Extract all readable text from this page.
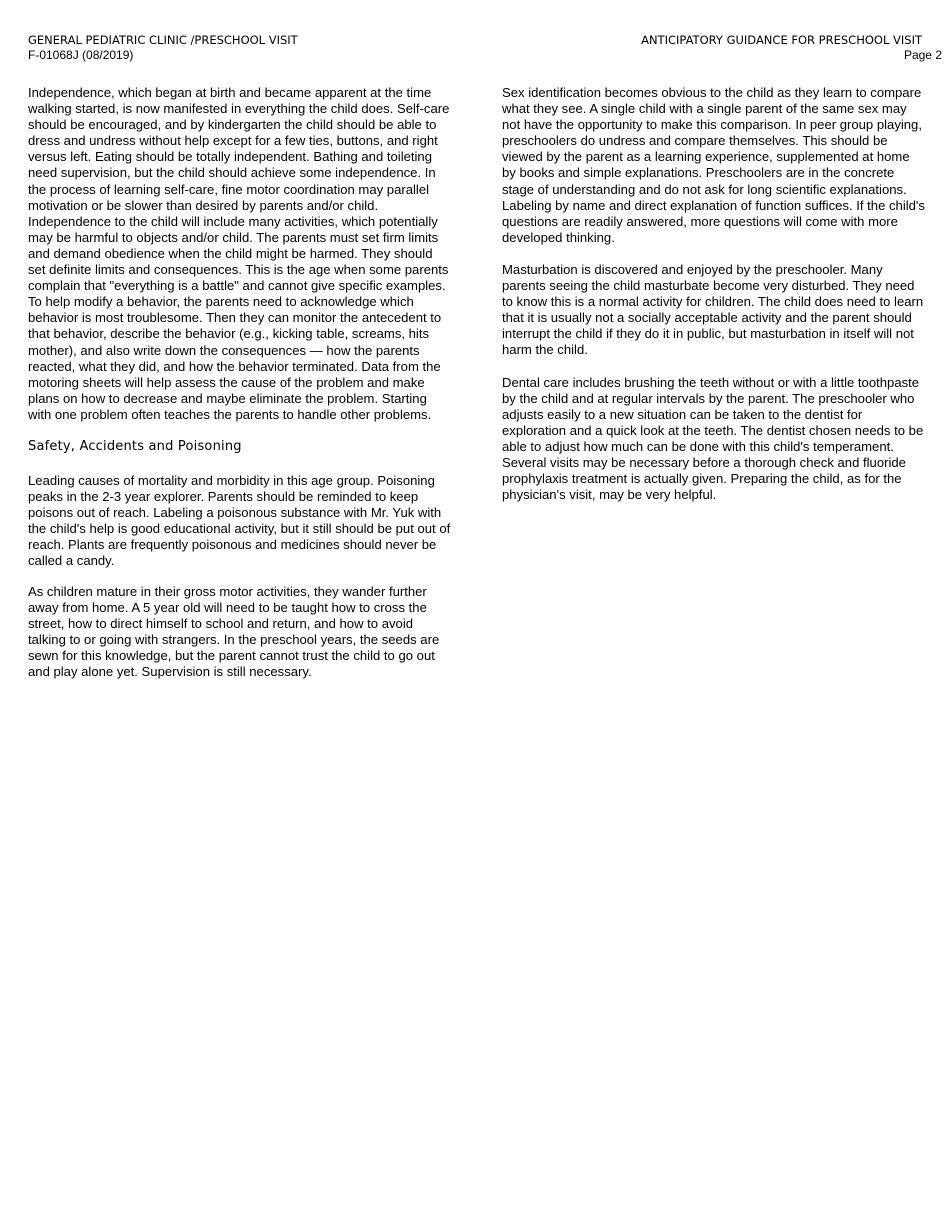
GENERAL PEDIATRIC CLINIC /PRESCHOOL VISIT
F-01068J (08/2019)
ANTICIPATORY GUIDANCE FOR PRESCHOOL VISIT
Page 2

Independence, which began at birth and became apparent at the time walking started, is now manifested in everything the child does. Self-care should be encouraged, and by kindergarten the child should be able to dress and undress without help except for a few ties, buttons, and right versus left. Eating should be totally independent. Bathing and toileting need supervision, but the child should achieve some independence. In the process of learning self-care, fine motor coordination may parallel motivation or be slower than desired by parents and/or child. Independence to the child will include many activities, which potentially may be harmful to objects and/or child. The parents must set firm limits and demand obedience when the child might be harmed. They should set definite limits and consequences. This is the age when some parents complain that "everything is a battle" and cannot give specific examples. To help modify a behavior, the parents need to acknowledge which behavior is most troublesome. Then they can monitor the antecedent to that behavior, describe the behavior (e.g., kicking table, screams, hits mother), and also write down the consequences — how the parents reacted, what they did, and how the behavior terminated. Data from the motoring sheets will help assess the cause of the problem and make plans on how to decrease and maybe eliminate the problem. Starting with one problem often teaches the parents to handle other problems.

Safety, Accidents and Poisoning

Leading causes of mortality and morbidity in this age group. Poisoning peaks in the 2-3 year explorer. Parents should be reminded to keep poisons out of reach. Labeling a poisonous substance with Mr. Yuk with the child's help is good educational activity, but it still should be put out of reach. Plants are frequently poisonous and medicines should never be called a candy.

As children mature in their gross motor activities, they wander further away from home. A 5 year old will need to be taught how to cross the street, how to direct himself to school and return, and how to avoid talking to or going with strangers. In the preschool years, the seeds are sewn for this knowledge, but the parent cannot trust the child to go out and play alone yet. Supervision is still necessary.

Sex identification becomes obvious to the child as they learn to compare what they see. A single child with a single parent of the same sex may not have the opportunity to make this comparison. In peer group playing, preschoolers do undress and compare themselves. This should be viewed by the parent as a learning experience, supplemented at home by books and simple explanations. Preschoolers are in the concrete stage of understanding and do not ask for long scientific explanations. Labeling by name and direct explanation of function suffices. If the child's questions are readily answered, more questions will come with more developed thinking.

Masturbation is discovered and enjoyed by the preschooler. Many parents seeing the child masturbate become very disturbed. They need to know this is a normal activity for children. The child does need to learn that it is usually not a socially acceptable activity and the parent should interrupt the child if they do it in public, but masturbation in itself will not harm the child.

Dental care includes brushing the teeth without or with a little toothpaste by the child and at regular intervals by the parent. The preschooler who adjusts easily to a new situation can be taken to the dentist for exploration and a quick look at the teeth. The dentist chosen needs to be able to adjust how much can be done with this child's temperament. Several visits may be necessary before a thorough check and fluoride prophylaxis treatment is actually given. Preparing the child, as for the physician's visit, may be very helpful.
